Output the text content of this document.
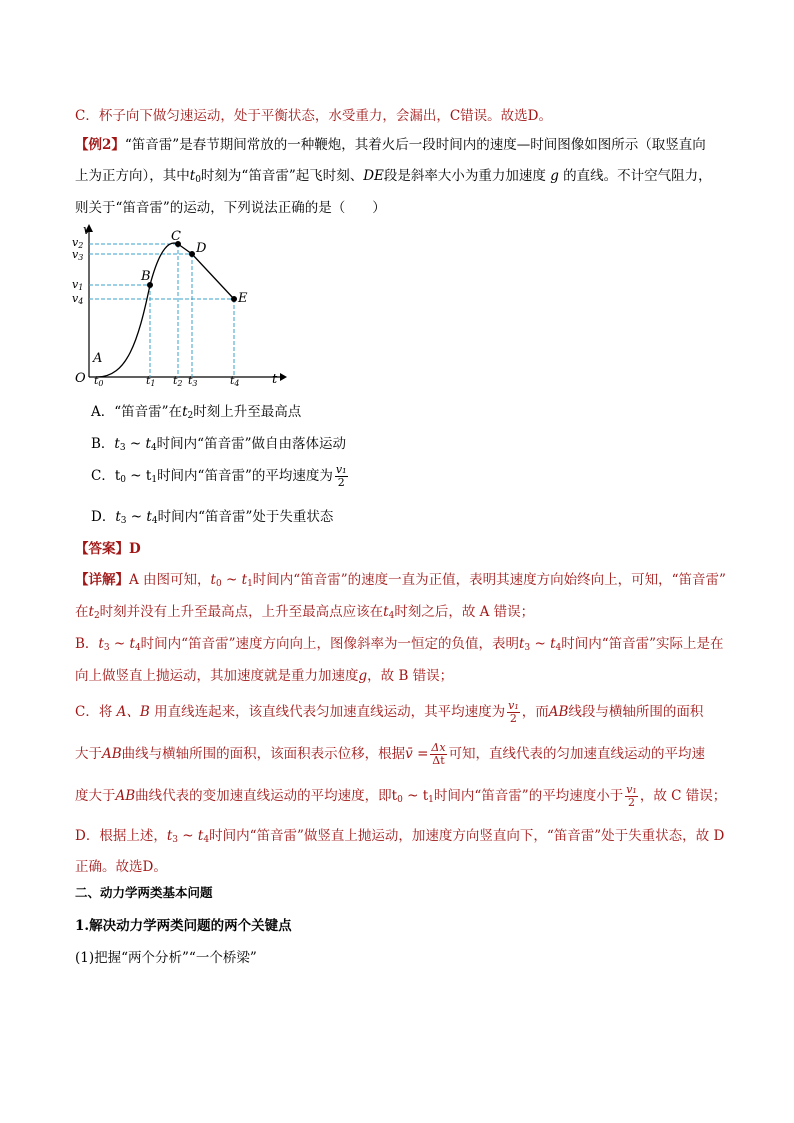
C．杯子向下做匀速运动，处于平衡状态，水受重力，会漏出，C错误。故选D。
【例2】“笛音雷”是春节期间常放的一种鞭炮，其着火后一段时间内的速度—时间图像如图所示（取竖直向
上为正方向），其中$t_0$时刻为“笛音雷”起飞时刻、DE段是斜率大小为重力加速度 g 的直线。不计空气阻力，
则关于“笛音雷”的运动，下列说法正确的是（　　）
v
t
O
A
B
C
D
E
v2
v3
v1
v4
t0	t1 t2 t3	t4
A．“笛音雷”在$t_2$时刻上升至最高点
B．$t_3$ ~ $t_4$时间内“笛音雷”做自由落体运动
C．$t_0$ ~ $t_1$时间内“笛音雷”的平均速度为 $\frac{\text{v₁}}{2}$
D．$t_3$ ~ $t_4$时间内“笛音雷”处于失重状态
【答案】D
【详解】A 由图可知，$t_0$ ~ $t_1$时间内“笛音雷”的速度一直为正值，表明其速度方向始终向上，可知，“笛音雷”
在$t_2$时刻并没有上升至最高点，上升至最高点应该在$t_4$时刻之后，故 A 错误；
B．$t_3$ ~ $t_4$时间内“笛音雷”速度方向向上，图像斜率为一恒定的负值，表明$t_3$ ~ $t_4$时间内“笛音雷”实际上是在
向上做竖直上抛运动，其加速度就是重力加速度g，故 B 错误；
C．将 A、B 用直线连起来，该直线代表匀加速直线运动，其平均速度为 $\frac{\text{v₁}}{2}$ ，而AB线段与横轴所围的面积
大于AB曲线与横轴所围的面积，该面积表示位移，根据v̄ = $\frac{\Delta x}{\Delta t}$ 可知，直线代表的匀加速直线运动的平均速
度大于AB曲线代表的变加速直线运动的平均速度，即$t_0$ ~ $t_1$时间内“笛音雷”的平均速度小于 $\frac{\text{v₁}}{2}$ ，故 C 错误；
D．根据上述，$t_3$ ~ $t_4$时间内“笛音雷”做竖直上抛运动，加速度方向竖直向下，“笛音雷”处于失重状态，故 D
正确。故选D。
二、动力学两类基本问题
1.解决动力学两类问题的两个关键点
(1)把握“两个分析”“一个桥梁”
